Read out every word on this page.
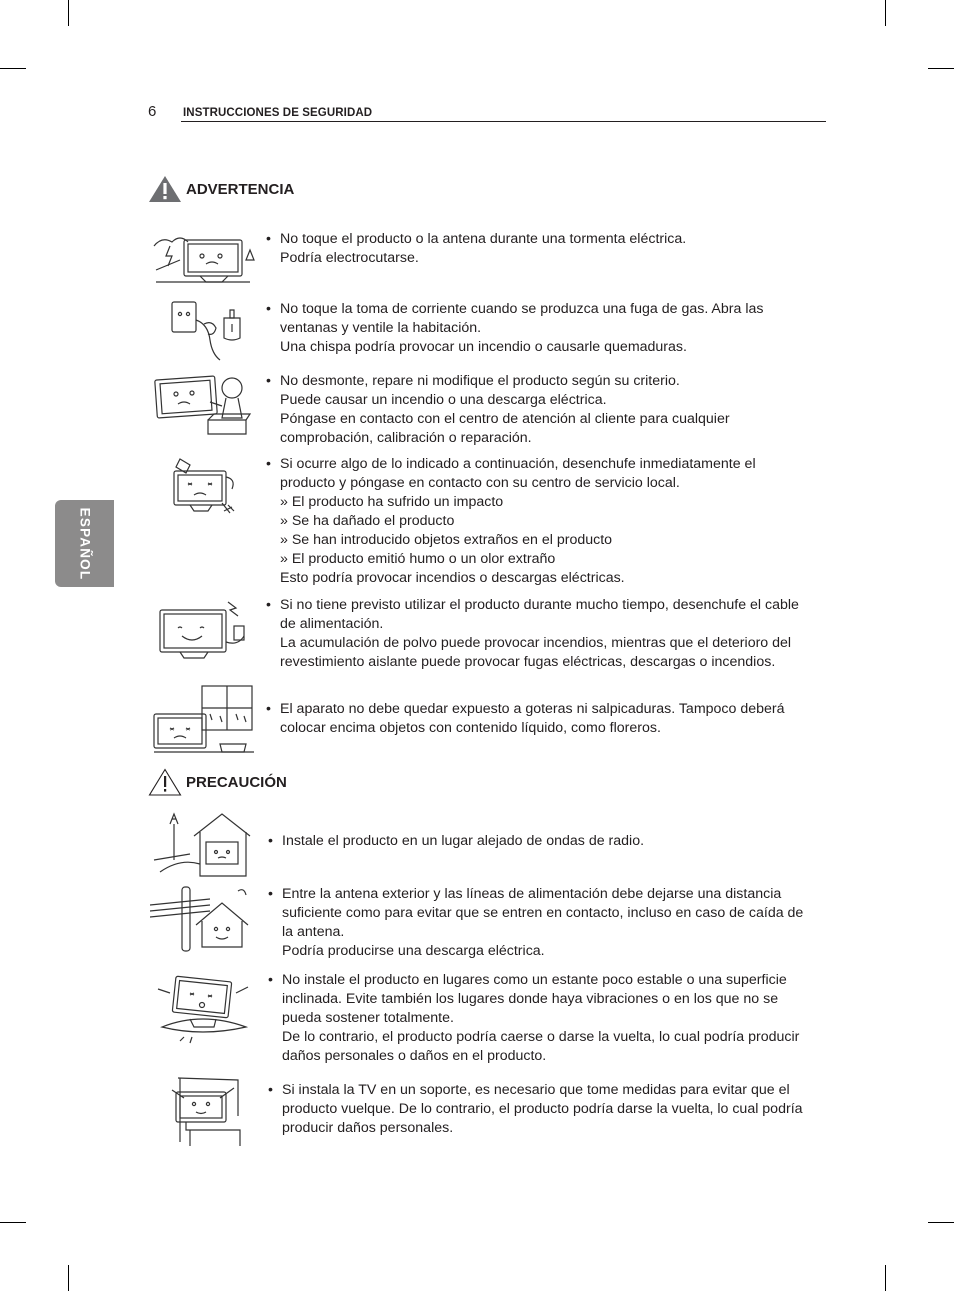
6 INSTRUCCIONES DE SEGURIDAD
ESPAÑOL
ADVERTENCIA
• No toque el producto o la antena durante una tormenta eléctrica.
Podría electrocutarse.
• No toque la toma de corriente cuando se produzca una fuga de gas. Abra las
ventanas y ventile la habitación.
Una chispa podría provocar un incendio o causarle quemaduras.
• No desmonte, repare ni modifique el producto según su criterio.
Puede causar un incendio o una descarga eléctrica.
Póngase en contacto con el centro de atención al cliente para cualquier
comprobación, calibración o reparación.
• Si ocurre algo de lo indicado a continuación, desenchufe inmediatamente el
producto y póngase en contacto con su centro de servicio local.
» El producto ha sufrido un impacto
» Se ha dañado el producto
» Se han introducido objetos extraños en el producto
» El producto emitió humo o un olor extraño
Esto podría provocar incendios o descargas eléctricas.
• Si no tiene previsto utilizar el producto durante mucho tiempo, desenchufe el cable
de alimentación.
La acumulación de polvo puede provocar incendios, mientras que el deterioro del
revestimiento aislante puede provocar fugas eléctricas, descargas o incendios.
• El aparato no debe quedar expuesto a goteras ni salpicaduras. Tampoco deberá
colocar encima objetos con contenido líquido, como floreros.
PRECAUCIÓN
• Instale el producto en un lugar alejado de ondas de radio.
• Entre la antena exterior y las líneas de alimentación debe dejarse una distancia
suficiente como para evitar que se entren en contacto, incluso en caso de caída de
la antena.
Podría producirse una descarga eléctrica.
• No instale el producto en lugares como un estante poco estable o una superficie
inclinada. Evite también los lugares donde haya vibraciones o en los que no se
pueda sostener totalmente.
De lo contrario, el producto podría caerse o darse la vuelta, lo cual podría producir
daños personales o daños en el producto.
• Si instala la TV en un soporte, es necesario que tome medidas para evitar que el
producto vuelque. De lo contrario, el producto podría darse la vuelta, lo cual podría
producir daños personales.
